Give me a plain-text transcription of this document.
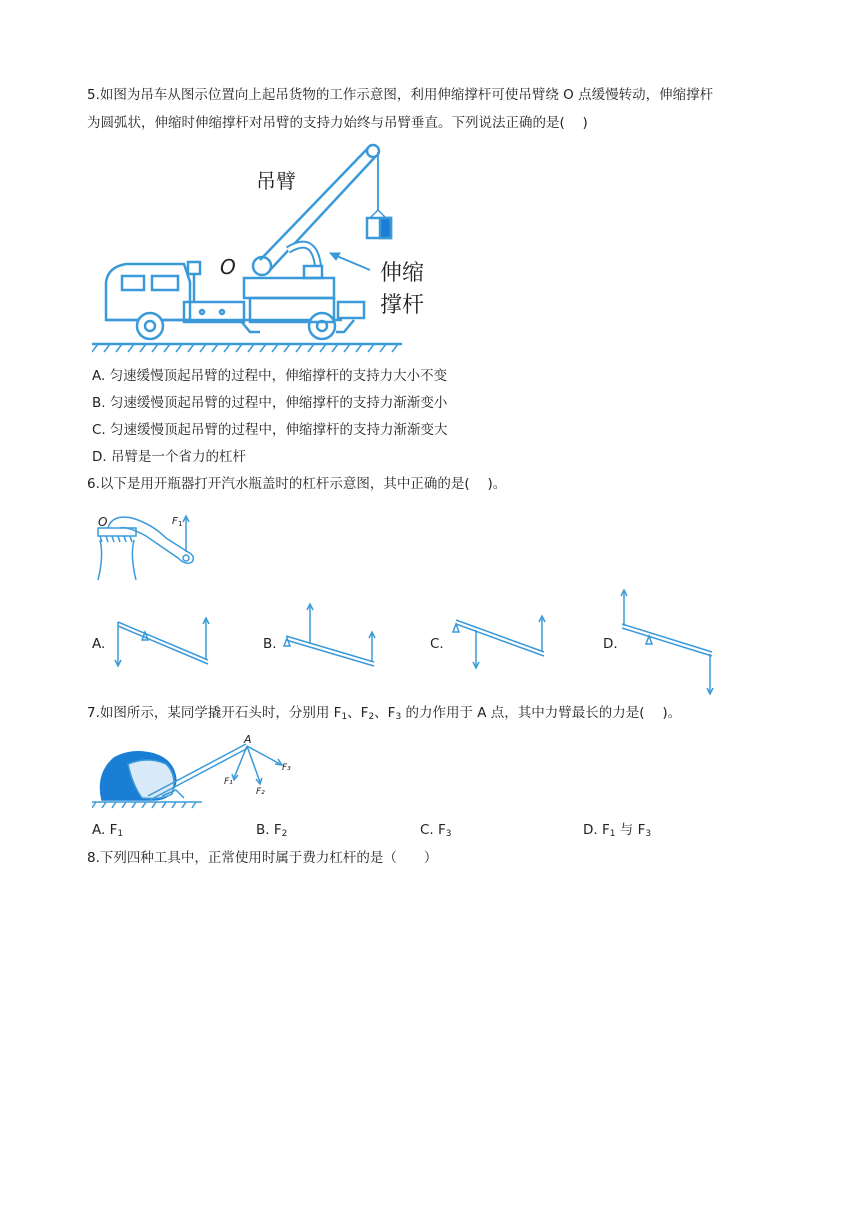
5.如图为吊车从图示位置向上起吊货物的工作示意图，利用伸缩撑杆可使吊臂绕 O 点缓慢转动，伸缩撑杆
为圆弧状，伸缩时伸缩撑杆对吊臂的支持力始终与吊臂垂直。下列说法正确的是(　 )
吊臂
O	伸缩
撑杆
A. 匀速缓慢顶起吊臂的过程中，伸缩撑杆的支持力大小不变
B. 匀速缓慢顶起吊臂的过程中，伸缩撑杆的支持力渐渐变小
C. 匀速缓慢顶起吊臂的过程中，伸缩撑杆的支持力渐渐变大
D. 吊臂是一个省力的杠杆
6.以下是用开瓶器打开汽水瓶盖时的杠杆示意图，其中正确的是(　 )。
O	F 1
A.	B.	C.	D.
7.如图所示，某同学撬开石头时，分别用 $F_1$、$F_2$、$F_3$ 的力作用于 A 点，其中力臂最长的力是(　 )。
A
F₁
F₂
F₃
A. $F_1$	B. $F_2$	C. $F_3$	D. $F_1$ 与 $F_3$
8.下列四种工具中，正常使用时属于费力杠杆的是（　　）
